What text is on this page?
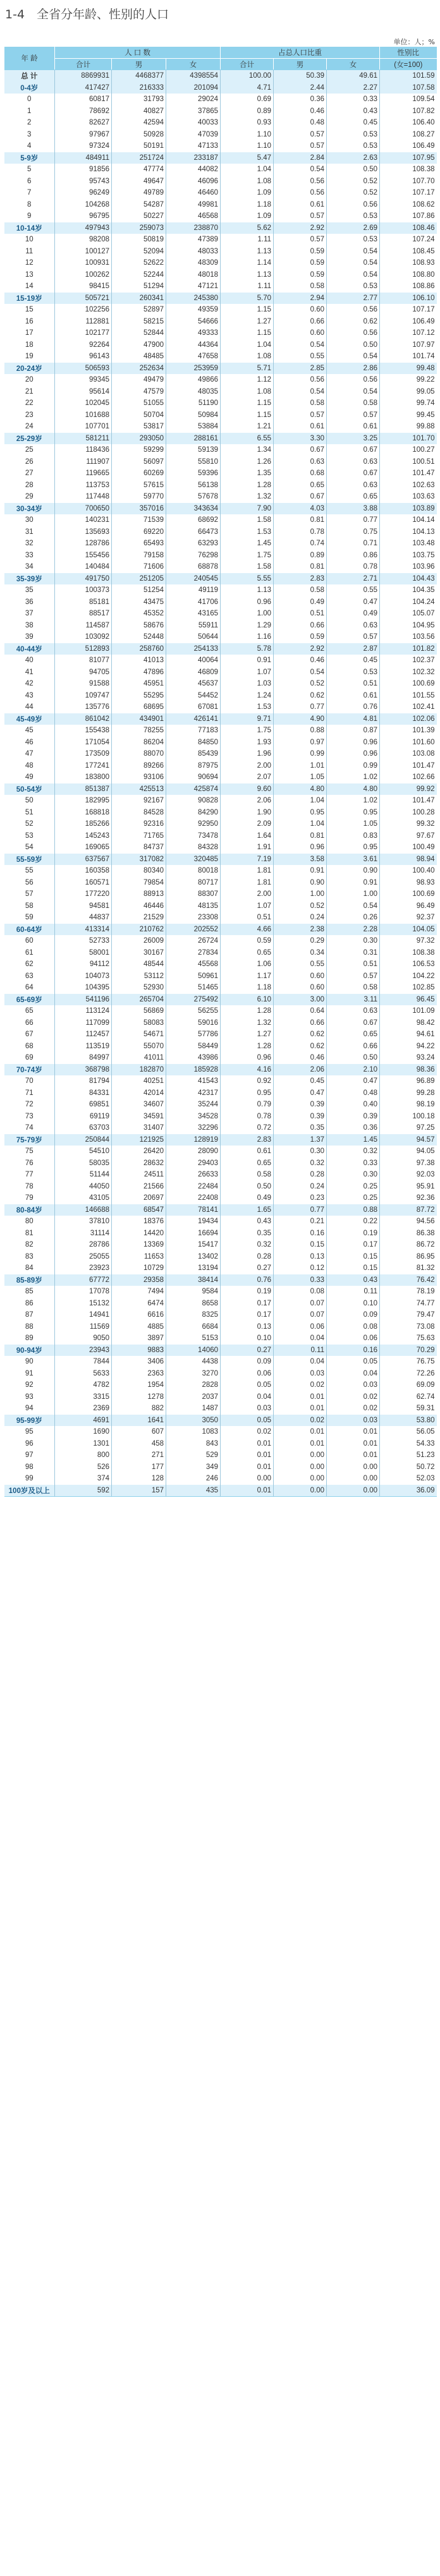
1-4　全省分年龄、性别的人口
单位：人；%
年 龄	人 口 数			占总人口比重			性别比
	合计	男	女	合计	男	女	(女=100)
总 计	8869931	4468377	4398554	100.00	50.39	49.61	101.59
0-4岁	417427	216333	201094	4.71	2.44	2.27	107.58
0	60817	31793	29024	0.69	0.36	0.33	109.54
1	78692	40827	37865	0.89	0.46	0.43	107.82
2	82627	42594	40033	0.93	0.48	0.45	106.40
3	97967	50928	47039	1.10	0.57	0.53	108.27
4	97324	50191	47133	1.10	0.57	0.53	106.49
5-9岁	484911	251724	233187	5.47	2.84	2.63	107.95
5	91856	47774	44082	1.04	0.54	0.50	108.38
6	95743	49647	46096	1.08	0.56	0.52	107.70
7	96249	49789	46460	1.09	0.56	0.52	107.17
8	104268	54287	49981	1.18	0.61	0.56	108.62
9	96795	50227	46568	1.09	0.57	0.53	107.86
10-14岁	497943	259073	238870	5.62	2.92	2.69	108.46
10	98208	50819	47389	1.11	0.57	0.53	107.24
11	100127	52094	48033	1.13	0.59	0.54	108.45
12	100931	52622	48309	1.14	0.59	0.54	108.93
13	100262	52244	48018	1.13	0.59	0.54	108.80
14	98415	51294	47121	1.11	0.58	0.53	108.86
15-19岁	505721	260341	245380	5.70	2.94	2.77	106.10
15	102256	52897	49359	1.15	0.60	0.56	107.17
16	112881	58215	54666	1.27	0.66	0.62	106.49
17	102177	52844	49333	1.15	0.60	0.56	107.12
18	92264	47900	44364	1.04	0.54	0.50	107.97
19	96143	48485	47658	1.08	0.55	0.54	101.74
20-24岁	506593	252634	253959	5.71	2.85	2.86	99.48
20	99345	49479	49866	1.12	0.56	0.56	99.22
21	95614	47579	48035	1.08	0.54	0.54	99.05
22	102045	51055	51190	1.15	0.58	0.58	99.74
23	101688	50704	50984	1.15	0.57	0.57	99.45
24	107701	53817	53884	1.21	0.61	0.61	99.88
25-29岁	581211	293050	288161	6.55	3.30	3.25	101.70
25	118436	59299	59139	1.34	0.67	0.67	100.27
26	111907	56097	55810	1.26	0.63	0.63	100.51
27	119665	60269	59396	1.35	0.68	0.67	101.47
28	113753	57615	56138	1.28	0.65	0.63	102.63
29	117448	59770	57678	1.32	0.67	0.65	103.63
30-34岁	700650	357016	343634	7.90	4.03	3.88	103.89
30	140231	71539	68692	1.58	0.81	0.77	104.14
31	135693	69220	66473	1.53	0.78	0.75	104.13
32	128786	65493	63293	1.45	0.74	0.71	103.48
33	155456	79158	76298	1.75	0.89	0.86	103.75
34	140484	71606	68878	1.58	0.81	0.78	103.96
35-39岁	491750	251205	240545	5.55	2.83	2.71	104.43
35	100373	51254	49119	1.13	0.58	0.55	104.35
36	85181	43475	41706	0.96	0.49	0.47	104.24
37	88517	45352	43165	1.00	0.51	0.49	105.07
38	114587	58676	55911	1.29	0.66	0.63	104.95
39	103092	52448	50644	1.16	0.59	0.57	103.56
40-44岁	512893	258760	254133	5.78	2.92	2.87	101.82
40	81077	41013	40064	0.91	0.46	0.45	102.37
41	94705	47896	46809	1.07	0.54	0.53	102.32
42	91588	45951	45637	1.03	0.52	0.51	100.69
43	109747	55295	54452	1.24	0.62	0.61	101.55
44	135776	68695	67081	1.53	0.77	0.76	102.41
45-49岁	861042	434901	426141	9.71	4.90	4.81	102.06
45	155438	78255	77183	1.75	0.88	0.87	101.39
46	171054	86204	84850	1.93	0.97	0.96	101.60
47	173509	88070	85439	1.96	0.99	0.96	103.08
48	177241	89266	87975	2.00	1.01	0.99	101.47
49	183800	93106	90694	2.07	1.05	1.02	102.66
50-54岁	851387	425513	425874	9.60	4.80	4.80	99.92
50	182995	92167	90828	2.06	1.04	1.02	101.47
51	168818	84528	84290	1.90	0.95	0.95	100.28
52	185266	92316	92950	2.09	1.04	1.05	99.32
53	145243	71765	73478	1.64	0.81	0.83	97.67
54	169065	84737	84328	1.91	0.96	0.95	100.49
55-59岁	637567	317082	320485	7.19	3.58	3.61	98.94
55	160358	80340	80018	1.81	0.91	0.90	100.40
56	160571	79854	80717	1.81	0.90	0.91	98.93
57	177220	88913	88307	2.00	1.00	1.00	100.69
58	94581	46446	48135	1.07	0.52	0.54	96.49
59	44837	21529	23308	0.51	0.24	0.26	92.37
60-64岁	413314	210762	202552	4.66	2.38	2.28	104.05
60	52733	26009	26724	0.59	0.29	0.30	97.32
61	58001	30167	27834	0.65	0.34	0.31	108.38
62	94112	48544	45568	1.06	0.55	0.51	106.53
63	104073	53112	50961	1.17	0.60	0.57	104.22
64	104395	52930	51465	1.18	0.60	0.58	102.85
65-69岁	541196	265704	275492	6.10	3.00	3.11	96.45
65	113124	56869	56255	1.28	0.64	0.63	101.09
66	117099	58083	59016	1.32	0.66	0.67	98.42
67	112457	54671	57786	1.27	0.62	0.65	94.61
68	113519	55070	58449	1.28	0.62	0.66	94.22
69	84997	41011	43986	0.96	0.46	0.50	93.24
70-74岁	368798	182870	185928	4.16	2.06	2.10	98.36
70	81794	40251	41543	0.92	0.45	0.47	96.89
71	84331	42014	42317	0.95	0.47	0.48	99.28
72	69851	34607	35244	0.79	0.39	0.40	98.19
73	69119	34591	34528	0.78	0.39	0.39	100.18
74	63703	31407	32296	0.72	0.35	0.36	97.25
75-79岁	250844	121925	128919	2.83	1.37	1.45	94.57
75	54510	26420	28090	0.61	0.30	0.32	94.05
76	58035	28632	29403	0.65	0.32	0.33	97.38
77	51144	24511	26633	0.58	0.28	0.30	92.03
78	44050	21566	22484	0.50	0.24	0.25	95.91
79	43105	20697	22408	0.49	0.23	0.25	92.36
80-84岁	146688	68547	78141	1.65	0.77	0.88	87.72
80	37810	18376	19434	0.43	0.21	0.22	94.56
81	31114	14420	16694	0.35	0.16	0.19	86.38
82	28786	13369	15417	0.32	0.15	0.17	86.72
83	25055	11653	13402	0.28	0.13	0.15	86.95
84	23923	10729	13194	0.27	0.12	0.15	81.32
85-89岁	67772	29358	38414	0.76	0.33	0.43	76.42
85	17078	7494	9584	0.19	0.08	0.11	78.19
86	15132	6474	8658	0.17	0.07	0.10	74.77
87	14941	6616	8325	0.17	0.07	0.09	79.47
88	11569	4885	6684	0.13	0.06	0.08	73.08
89	9050	3897	5153	0.10	0.04	0.06	75.63
90-94岁	23943	9883	14060	0.27	0.11	0.16	70.29
90	7844	3406	4438	0.09	0.04	0.05	76.75
91	5633	2363	3270	0.06	0.03	0.04	72.26
92	4782	1954	2828	0.05	0.02	0.03	69.09
93	3315	1278	2037	0.04	0.01	0.02	62.74
94	2369	882	1487	0.03	0.01	0.02	59.31
95-99岁	4691	1641	3050	0.05	0.02	0.03	53.80
95	1690	607	1083	0.02	0.01	0.01	56.05
96	1301	458	843	0.01	0.01	0.01	54.33
97	800	271	529	0.01	0.00	0.01	51.23
98	526	177	349	0.01	0.00	0.00	50.72
99	374	128	246	0.00	0.00	0.00	52.03
100岁及以上	592	157	435	0.01	0.00	0.00	36.09
